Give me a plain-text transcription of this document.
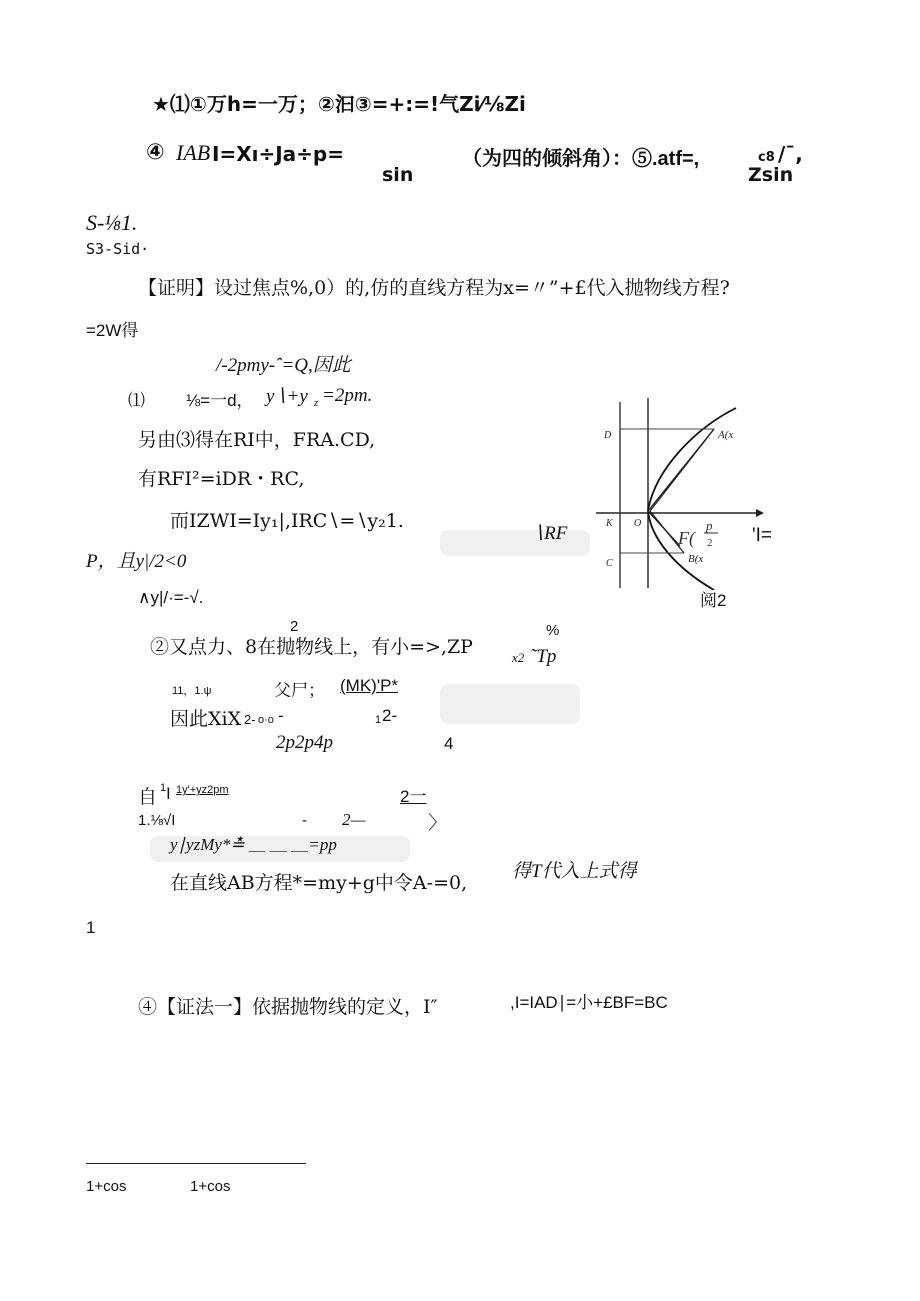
★⑴①万h=一万；②汩③=+:=!气Zi⁄⅛Zi
④ ΙAB Ι=Xı÷Ja÷p=	（为四的倾斜角）：⑤.atf=,	c8 /ˉ,
sin	Zsin
S-⅛1.
S3-Sid·
【证明】设过焦点%,0）的,仿的直线方程为x=〃”+£代入抛物线方程?
=2W得
/-2pmy-ˆ=Q,因此
⑴ ⅛=一d， y∖+y z =2pm.
另由⑶得在RI中，FRA.CD,
有RFI²=iDR・RC,
而IZWI=Iy₁|,IRC∖=∖y₂1.
∖RF	'I=
P，且y|/2<0
∧y|/·=-√.
2	%
②又点力、8在抛物线上，有小=>,ZP	x2 ˜Tp
11，1.ψ	父尸； (MK)'P*
因此XiX 2- o·o -	1 2-
2p2p4p	4
自 1 I 1y'+yz2pm	2一
1.⅛√I	- 2—	〉
y∣yzMy*≛ ＿ ＿ ＿=pp
在直线AB方程*=my+g中令A-=0,
得T代入上式得
1
④【证法一】依据抛物线的定义，I″	,I=IAD∣=小+£BF=BC
1+cos	1+cos
D	A(x
K O
F(
p
2
C	B(x
阅2
